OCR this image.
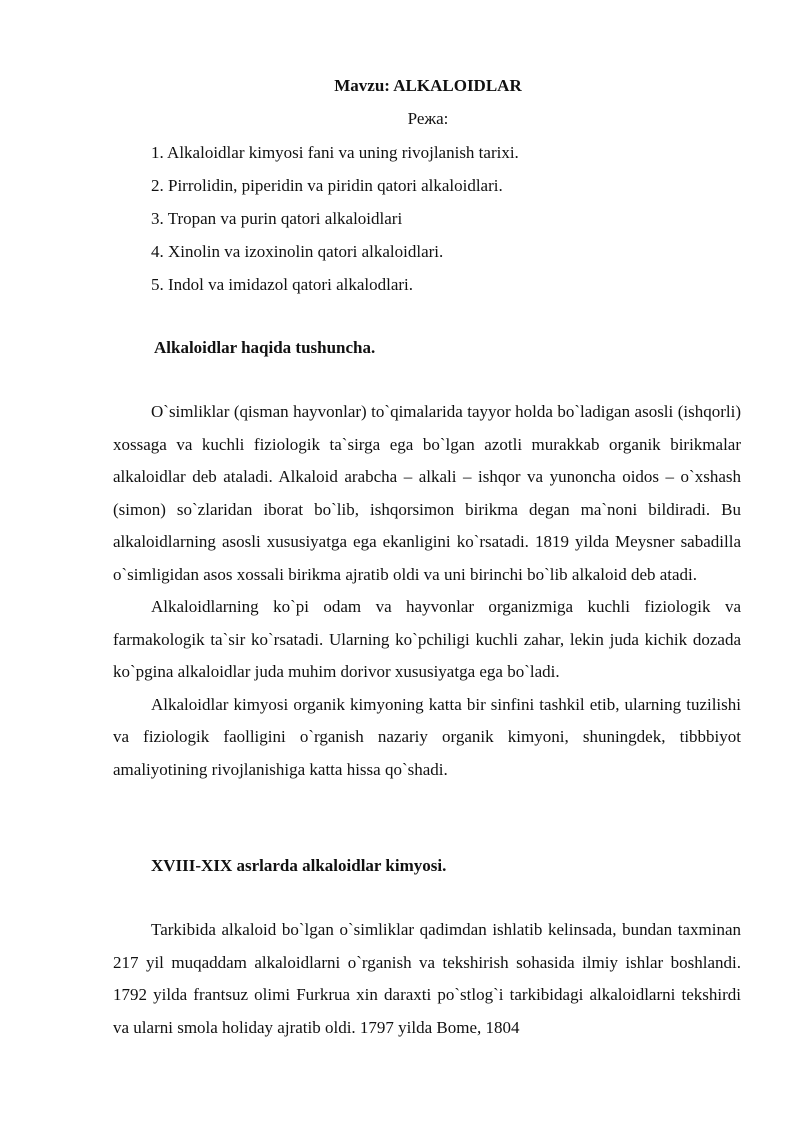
Mavzu: ALKALOIDLAR
Режа:
1. Alkaloidlar kimyosi fani va uning rivojlanish tarixi.
2. Pirrolidin, piperidin va piridin qatori alkaloidlari.
3. Tropan va purin qatori alkaloidlari
4. Xinolin va izoxinolin qatori alkaloidlari.
5. Indol va imidazol qatori alkalodlari.
Alkaloidlar haqida tushuncha.

O`simliklar (qisman hayvonlar) to`qimalarida tayyor holda bo`ladigan asosli (ishqorli) xossaga va kuchli fiziologik ta`sirga ega bo`lgan azotli murakkab organik birikmalar alkaloidlar deb ataladi. Alkaloid arabcha – alkali – ishqor va yunoncha oidos – o`xshash (simon) so`zlaridan iborat bo`lib, ishqorsimon birikma degan ma`noni bildiradi. Bu alkaloidlarning asosli xususiyatga ega ekanligini ko`rsatadi. 1819 yilda Meysner sabadilla o`simligidan asos xossali birikma ajratib oldi va uni birinchi bo`lib alkaloid deb atadi.

Alkaloidlarning ko`pi odam va hayvonlar organizmiga kuchli fiziologik va farmakologik ta`sir ko`rsatadi. Ularning ko`pchiligi kuchli zahar, lekin juda kichik dozada ko`pgina alkaloidlar juda muhim dorivor xususiyatga ega bo`ladi.

Alkaloidlar kimyosi organik kimyoning katta bir sinfini tashkil etib, ularning tuzilishi va fiziologik faolligini o`rganish nazariy organik kimyoni, shuningdek, tibbbiyot amaliyotining rivojlanishiga katta hissa qo`shadi.

XVIII-XIX asrlarda alkaloidlar kimyosi.

Tarkibida alkaloid bo`lgan o`simliklar qadimdan ishlatib kelinsada, bundan taxminan 217 yil muqaddam alkaloidlarni o`rganish va tekshirish sohasida ilmiy ishlar boshlandi. 1792 yilda frantsuz olimi Furkrua xin daraxti po`stlog`i tarkibidagi alkaloidlarni tekshirdi va ularni smola holiday ajratib oldi. 1797 yilda Bome, 1804
